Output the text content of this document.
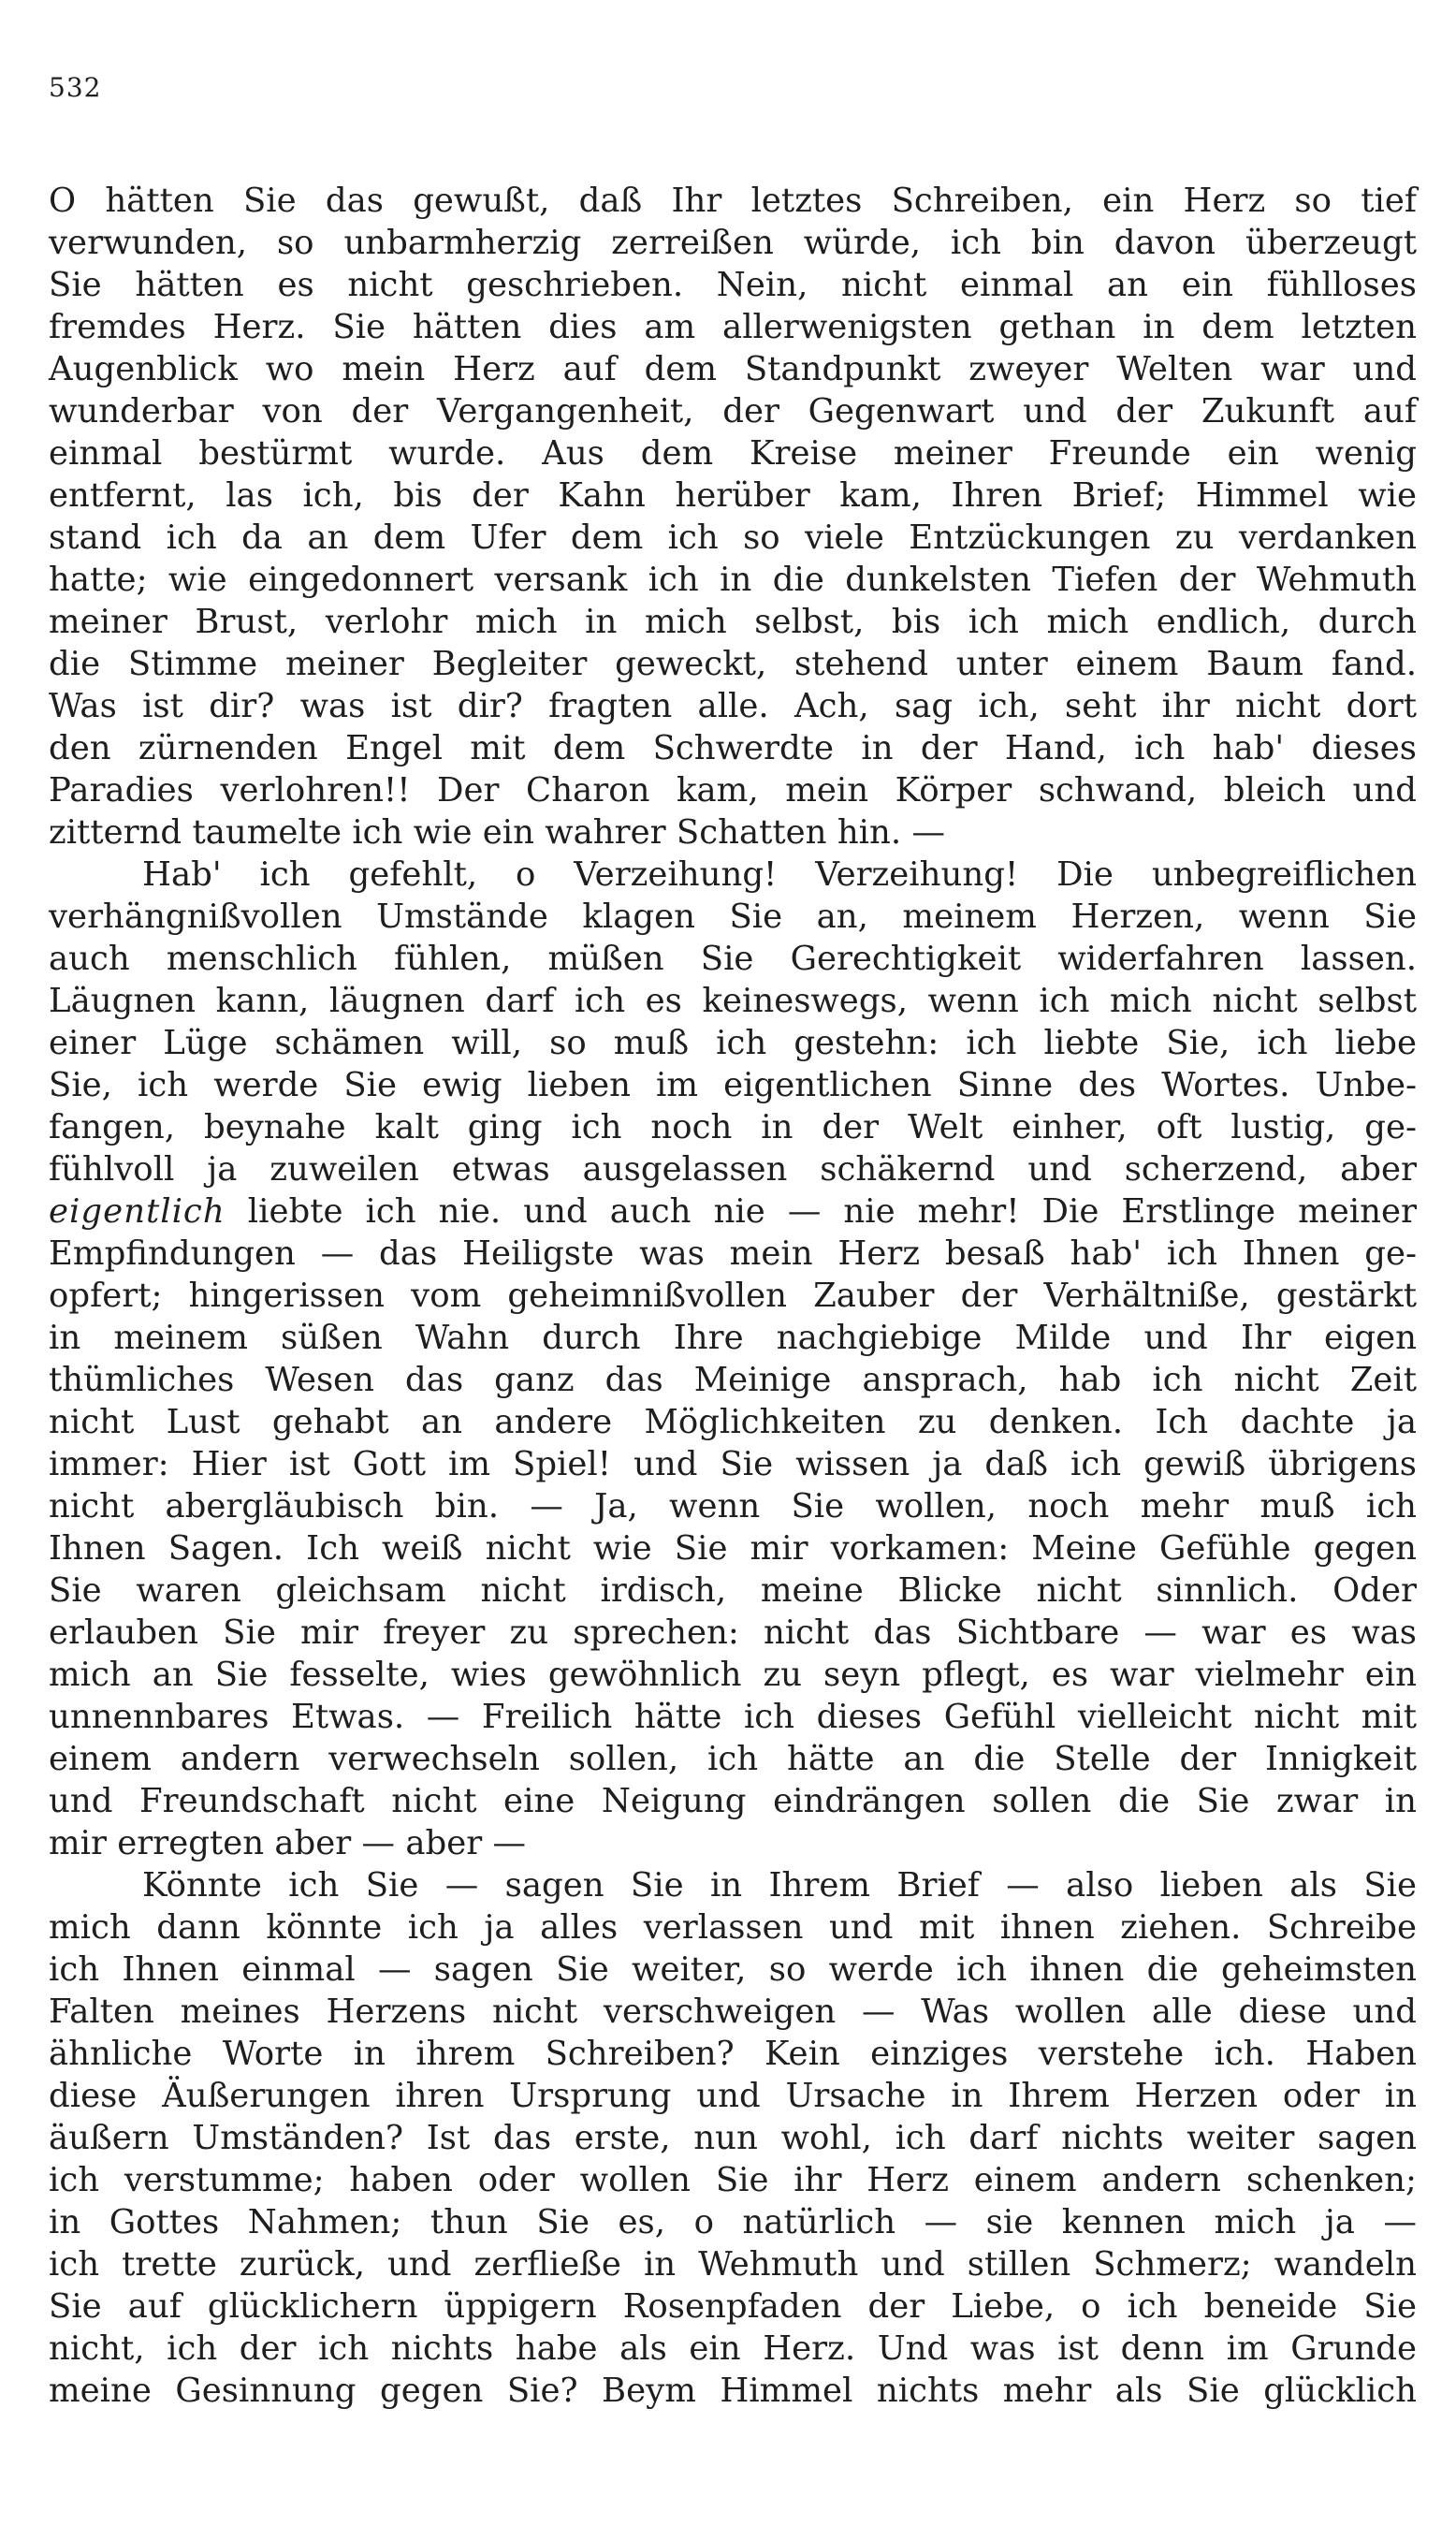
532
O hätten Sie das gewußt, daß Ihr letztes Schreiben, ein Herz so tief
verwunden, so unbarmherzig zerreißen würde, ich bin davon überzeugt
Sie hätten es nicht geschrieben. Nein, nicht einmal an ein fühlloses
fremdes Herz. Sie hätten dies am allerwenigsten gethan in dem letzten
Augenblick wo mein Herz auf dem Standpunkt zweyer Welten war und
wunderbar von der Vergangenheit, der Gegenwart und der Zukunft auf
einmal bestürmt wurde. Aus dem Kreise meiner Freunde ein wenig
entfernt, las ich, bis der Kahn herüber kam, Ihren Brief; Himmel wie
stand ich da an dem Ufer dem ich so viele Entzückungen zu verdanken
hatte; wie eingedonnert versank ich in die dunkelsten Tiefen der Wehmuth
meiner Brust, verlohr mich in mich selbst, bis ich mich endlich, durch
die Stimme meiner Begleiter geweckt, stehend unter einem Baum fand.
Was ist dir? was ist dir? fragten alle. Ach, sag ich, seht ihr nicht dort
den zürnenden Engel mit dem Schwerdte in der Hand, ich hab' dieses
Paradies verlohren!! Der Charon kam, mein Körper schwand, bleich und
zitternd taumelte ich wie ein wahrer Schatten hin. —
Hab' ich gefehlt, o Verzeihung! Verzeihung! Die unbegreiflichen
verhängnißvollen Umstände klagen Sie an, meinem Herzen, wenn Sie
auch menschlich fühlen, müßen Sie Gerechtigkeit widerfahren lassen.
Läugnen kann, läugnen darf ich es keineswegs, wenn ich mich nicht selbst
einer Lüge schämen will, so muß ich gestehn: ich liebte Sie, ich liebe
Sie, ich werde Sie ewig lieben im eigentlichen Sinne des Wortes. Unbe-
fangen, beynahe kalt ging ich noch in der Welt einher, oft lustig, ge-
fühlvoll ja zuweilen etwas ausgelassen schäkernd und scherzend, aber
eigentlich liebte ich nie. und auch nie — nie mehr! Die Erstlinge meiner
Empfindungen — das Heiligste was mein Herz besaß hab' ich Ihnen ge-
opfert; hingerissen vom geheimnißvollen Zauber der Verhältniße, gestärkt
in meinem süßen Wahn durch Ihre nachgiebige Milde und Ihr eigen
thümliches Wesen das ganz das Meinige ansprach, hab ich nicht Zeit
nicht Lust gehabt an andere Möglichkeiten zu denken. Ich dachte ja
immer: Hier ist Gott im Spiel! und Sie wissen ja daß ich gewiß übrigens
nicht abergläubisch bin. — Ja, wenn Sie wollen, noch mehr muß ich
Ihnen Sagen. Ich weiß nicht wie Sie mir vorkamen: Meine Gefühle gegen
Sie waren gleichsam nicht irdisch, meine Blicke nicht sinnlich. Oder
erlauben Sie mir freyer zu sprechen: nicht das Sichtbare — war es was
mich an Sie fesselte, wies gewöhnlich zu seyn pflegt, es war vielmehr ein
unnennbares Etwas. — Freilich hätte ich dieses Gefühl vielleicht nicht mit
einem andern verwechseln sollen, ich hätte an die Stelle der Innigkeit
und Freundschaft nicht eine Neigung eindrängen sollen die Sie zwar in
mir erregten aber — aber —
Könnte ich Sie — sagen Sie in Ihrem Brief — also lieben als Sie
mich dann könnte ich ja alles verlassen und mit ihnen ziehen. Schreibe
ich Ihnen einmal — sagen Sie weiter, so werde ich ihnen die geheimsten
Falten meines Herzens nicht verschweigen — Was wollen alle diese und
ähnliche Worte in ihrem Schreiben? Kein einziges verstehe ich. Haben
diese Äußerungen ihren Ursprung und Ursache in Ihrem Herzen oder in
äußern Umständen? Ist das erste, nun wohl, ich darf nichts weiter sagen
ich verstumme; haben oder wollen Sie ihr Herz einem andern schenken;
in Gottes Nahmen; thun Sie es, o natürlich — sie kennen mich ja —
ich trette zurück, und zerfließe in Wehmuth und stillen Schmerz; wandeln
Sie auf glücklichern üppigern Rosenpfaden der Liebe, o ich beneide Sie
nicht, ich der ich nichts habe als ein Herz. Und was ist denn im Grunde
meine Gesinnung gegen Sie? Beym Himmel nichts mehr als Sie glücklich
